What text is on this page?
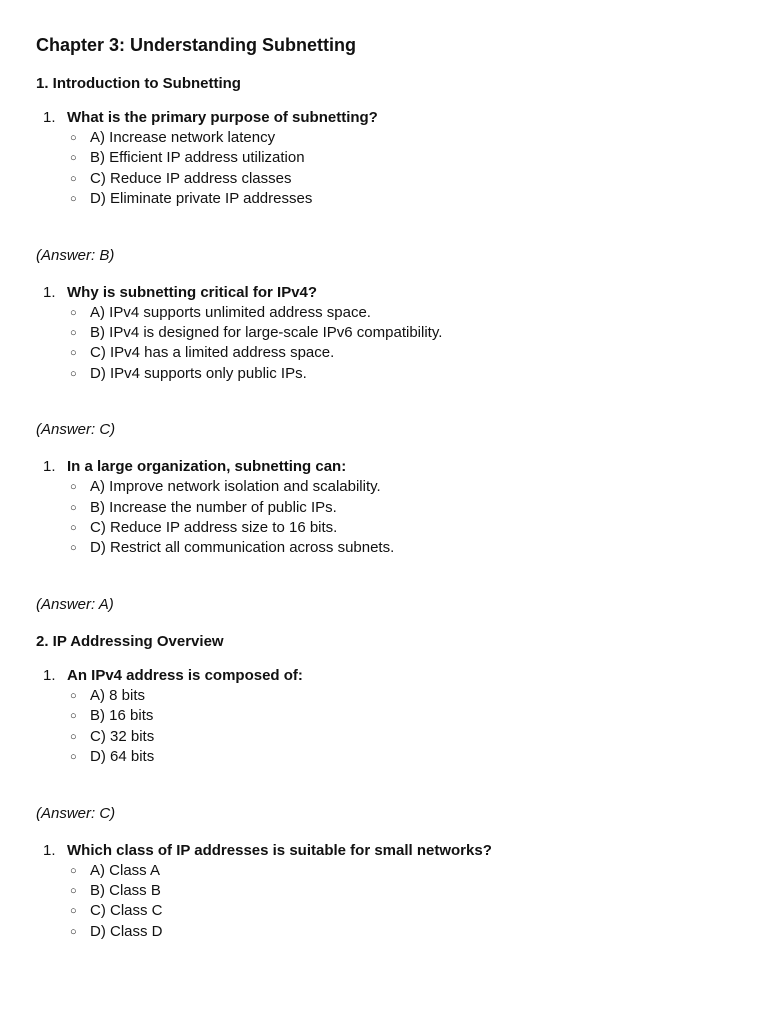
Chapter 3: Understanding Subnetting
1. Introduction to Subnetting
1. What is the primary purpose of subnetting?
○ A) Increase network latency
○ B) Efficient IP address utilization
○ C) Reduce IP address classes
○ D) Eliminate private IP addresses
(Answer: B)
1. Why is subnetting critical for IPv4?
○ A) IPv4 supports unlimited address space.
○ B) IPv4 is designed for large-scale IPv6 compatibility.
○ C) IPv4 has a limited address space.
○ D) IPv4 supports only public IPs.
(Answer: C)
1. In a large organization, subnetting can:
○ A) Improve network isolation and scalability.
○ B) Increase the number of public IPs.
○ C) Reduce IP address size to 16 bits.
○ D) Restrict all communication across subnets.
(Answer: A)
2. IP Addressing Overview
1. An IPv4 address is composed of:
○ A) 8 bits
○ B) 16 bits
○ C) 32 bits
○ D) 64 bits
(Answer: C)
1. Which class of IP addresses is suitable for small networks?
○ A) Class A
○ B) Class B
○ C) Class C
○ D) Class D
